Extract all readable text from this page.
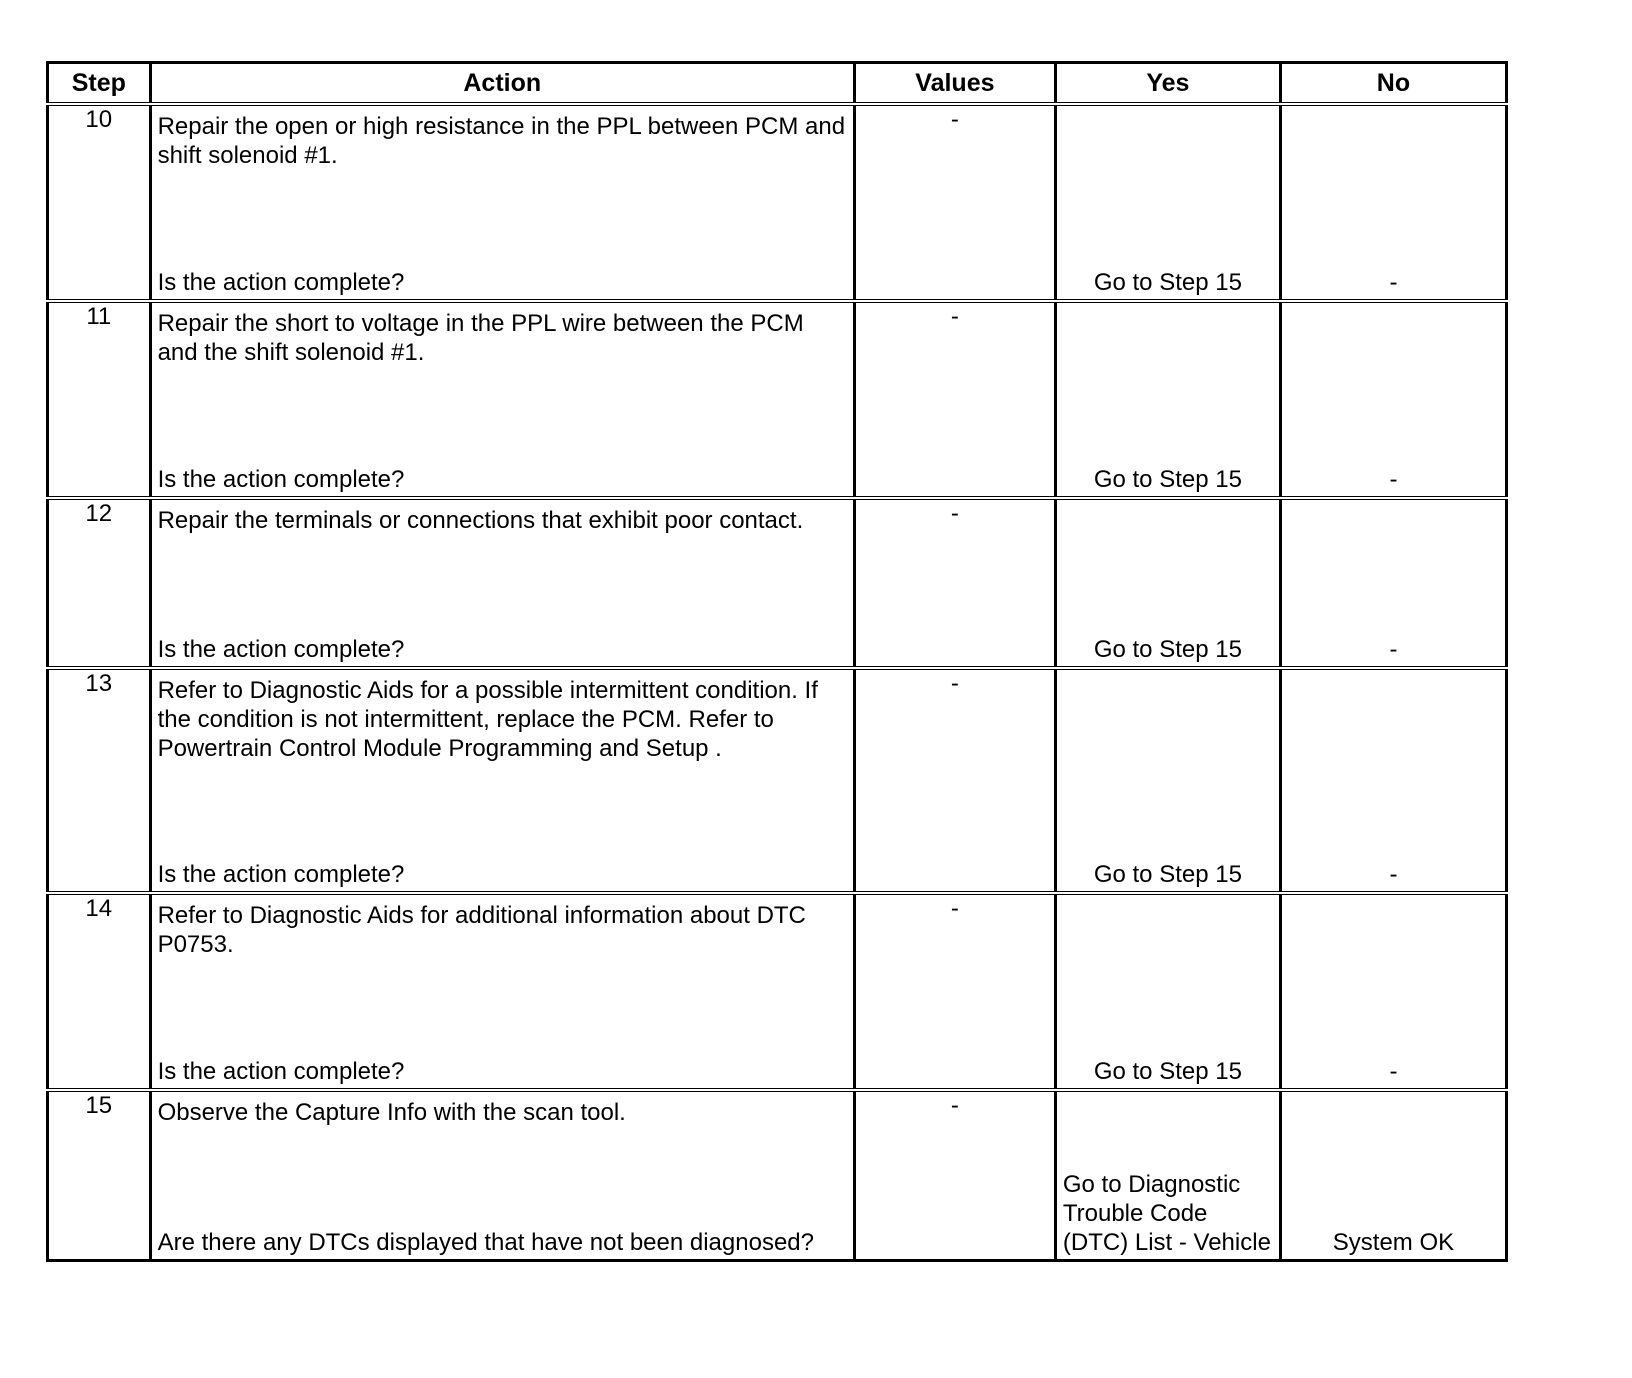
Step	Action	Values	Yes	No
10	Repair the open or high resistance in the PPL between PCM and shift solenoid #1.
Is the action complete?	-	Go to Step 15	-

11	Repair the short to voltage in the PPL wire between the PCM and the shift solenoid #1.
Is the action complete?	-	Go to Step 15	-

12	Repair the terminals or connections that exhibit poor contact.
Is the action complete?	-	Go to Step 15	-

13	Refer to Diagnostic Aids for a possible intermittent condition. If the condition is not intermittent, replace the PCM. Refer to Powertrain Control Module Programming and Setup .
Is the action complete?	-	Go to Step 15	-

14	Refer to Diagnostic Aids for additional information about DTC P0753.
Is the action complete?	-	Go to Step 15	-

15	Observe the Capture Info with the scan tool.
Are there any DTCs displayed that have not been diagnosed?	-	Go to Diagnostic Trouble Code (DTC) List - Vehicle	System OK
